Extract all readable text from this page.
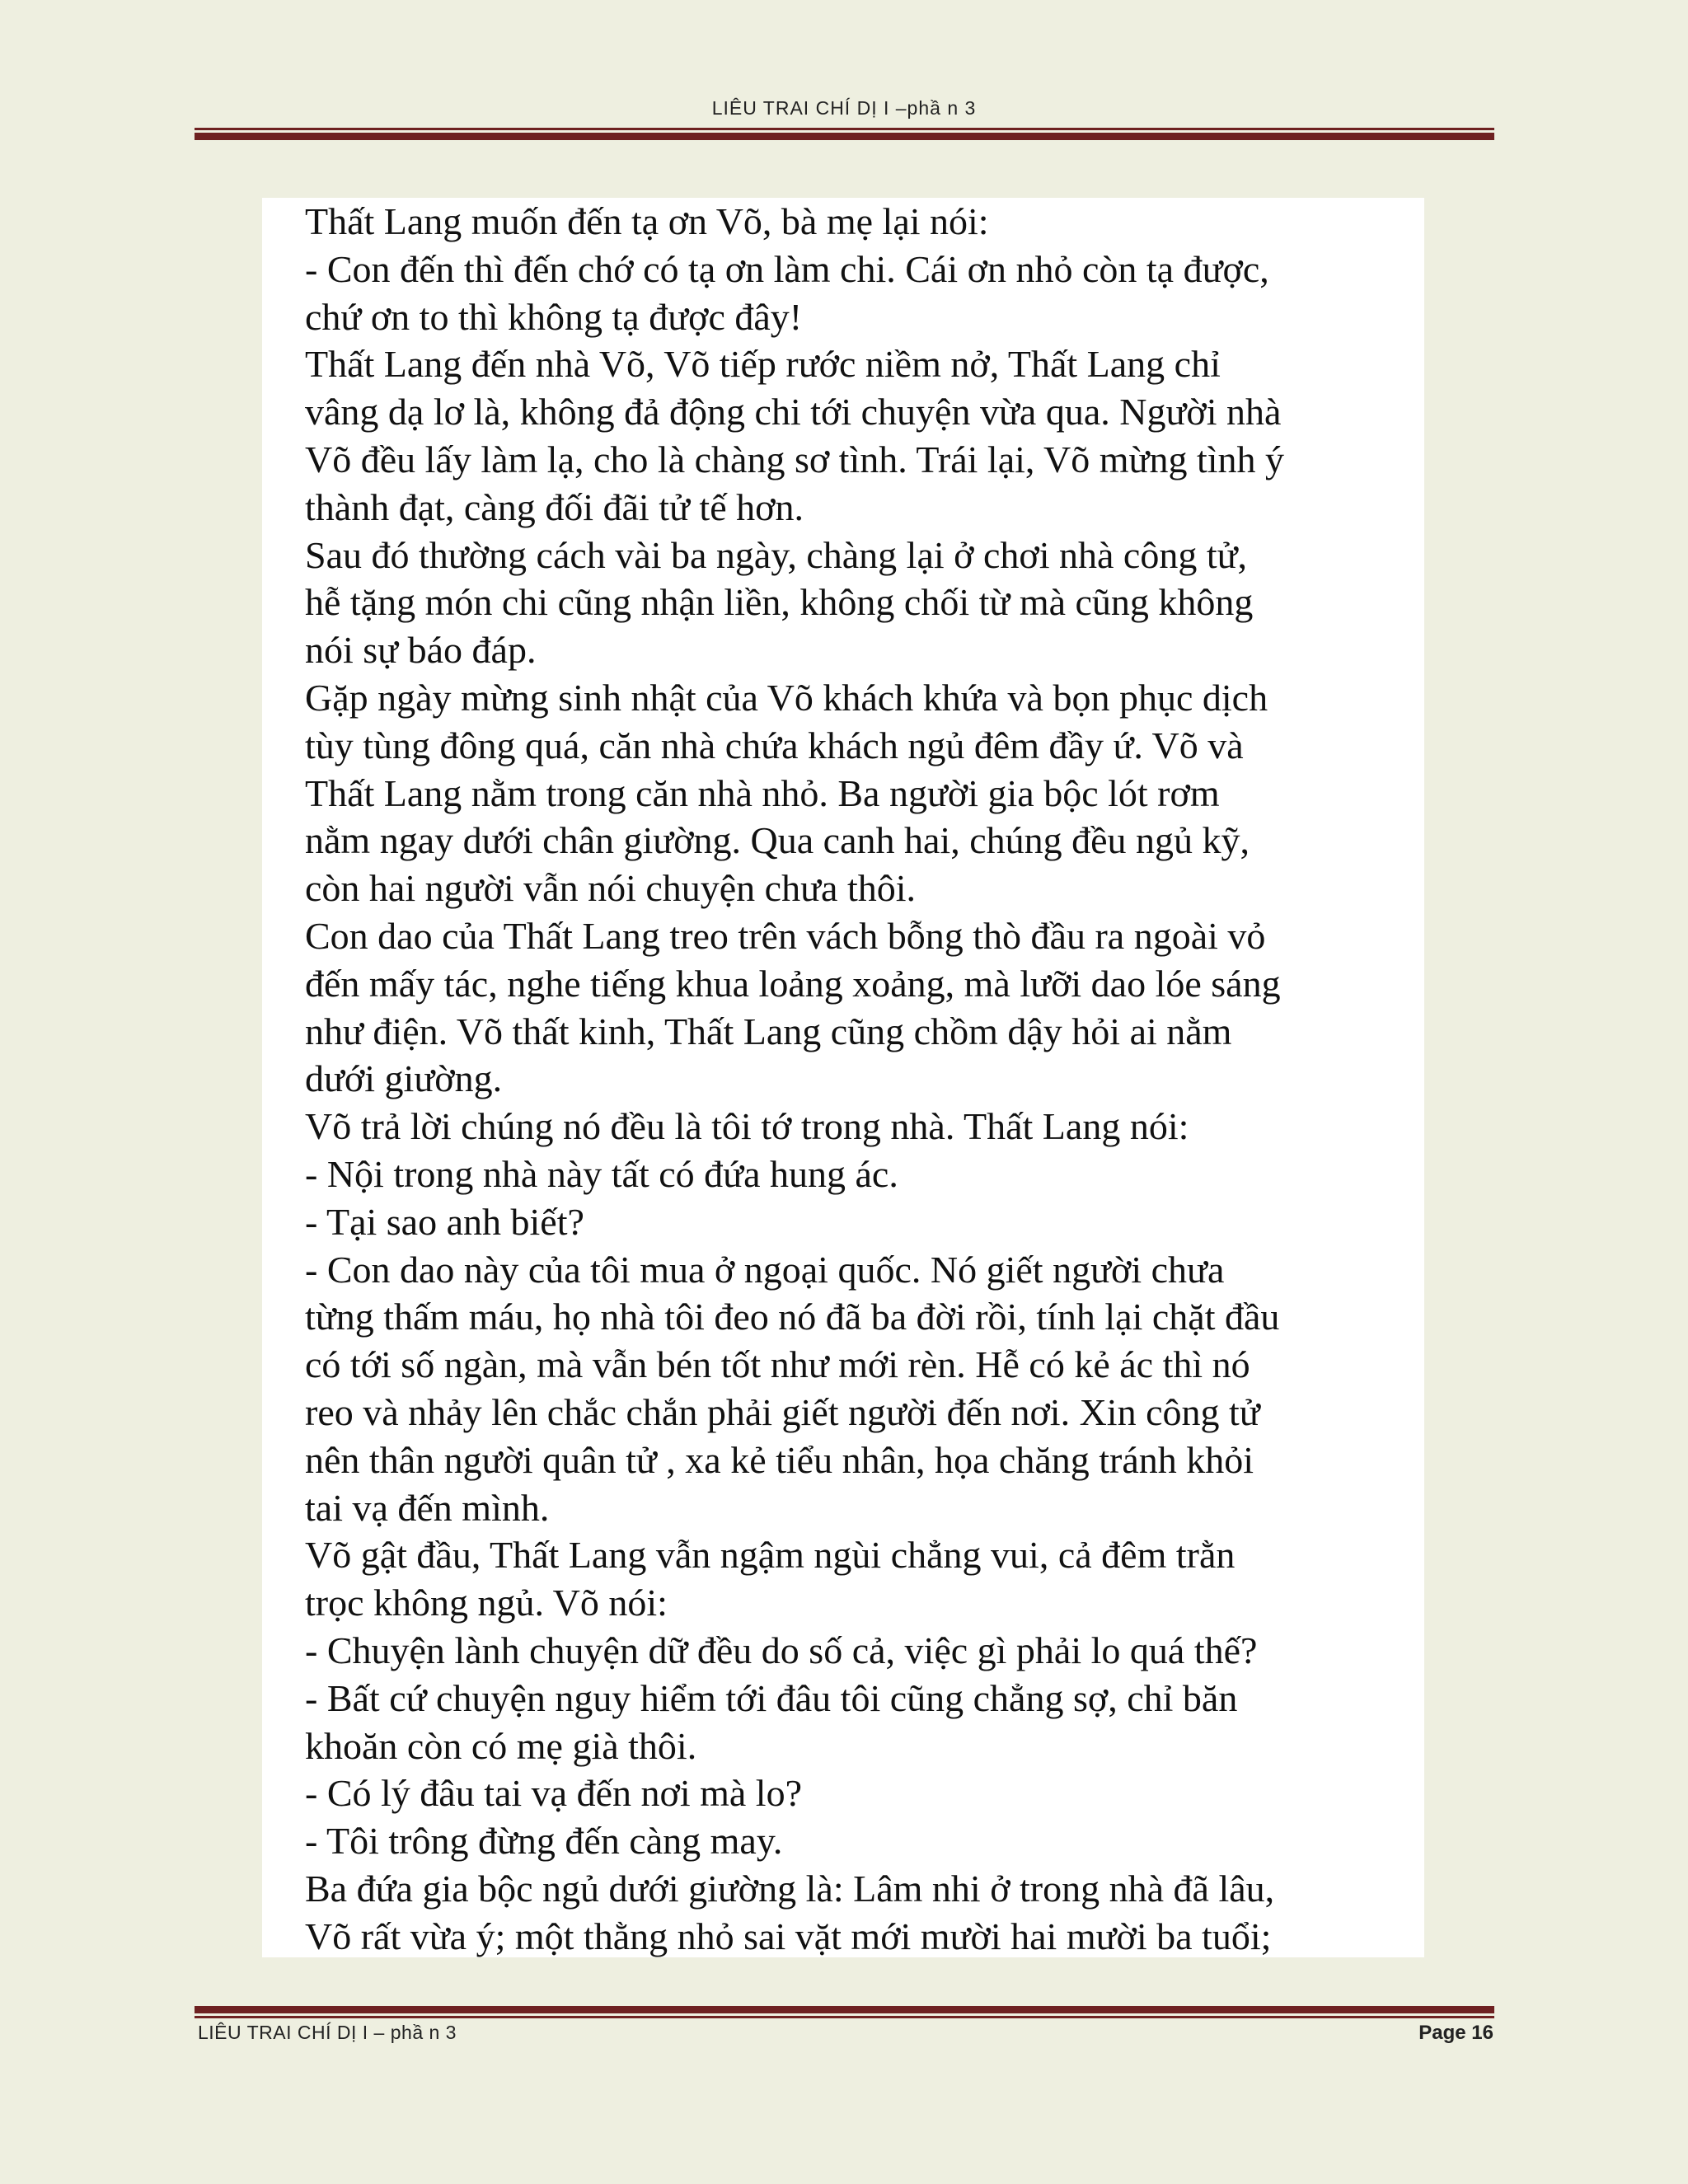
LIÊU TRAI CHÍ DỊ I –phầ n 3

Thất Lang muốn đến tạ ơn Võ, bà mẹ lại nói:

- Con đến thì đến chớ có tạ ơn làm chi. Cái ơn nhỏ còn tạ được,

chứ ơn to thì không tạ được đây!

Thất Lang đến nhà Võ, Võ tiếp rước niềm nở, Thất Lang chỉ

vâng dạ lơ là, không đả động chi tới chuyện vừa qua. Người nhà

Võ đều lấy làm lạ, cho là chàng sơ tình. Trái lại, Võ mừng tình ý

thành đạt, càng đối đãi tử tế hơn.

Sau đó thường cách vài ba ngày, chàng lại ở chơi nhà công tử,

hễ tặng món chi cũng nhận liền, không chối từ mà cũng không

nói sự báo đáp.

Gặp ngày mừng sinh nhật của Võ khách khứa và bọn phục dịch

tùy tùng đông quá, căn nhà chứa khách ngủ đêm đầy ứ. Võ và

Thất Lang nằm trong căn nhà nhỏ. Ba người gia bộc lót rơm

nằm ngay dưới chân giường. Qua canh hai, chúng đều ngủ kỹ,

còn hai người vẫn nói chuyện chưa thôi.

Con dao của Thất Lang treo trên vách bỗng thò đầu ra ngoài vỏ

đến mấy tác, nghe tiếng khua loảng xoảng, mà lưỡi dao lóe sáng

như điện. Võ thất kinh, Thất Lang cũng chồm dậy hỏi ai nằm

dưới giường.

Võ trả lời chúng nó đều là tôi tớ trong nhà. Thất Lang nói:

- Nội trong nhà này tất có đứa hung ác.

- Tại sao anh biết?

- Con dao này của tôi mua ở ngoại quốc. Nó giết người chưa

từng thấm máu, họ nhà tôi đeo nó đã ba đời rồi, tính lại chặt đầu

có tới số ngàn, mà vẫn bén tốt như mới rèn. Hễ có kẻ ác thì nó

reo và nhảy lên chắc chắn phải giết người đến nơi. Xin công tử

nên thân người quân tử , xa kẻ tiểu nhân, họa chăng tránh khỏi

tai vạ đến mình.

Võ gật đầu, Thất Lang vẫn ngậm ngùi chẳng vui, cả đêm trằn

trọc không ngủ. Võ nói:

- Chuyện lành chuyện dữ đều do số cả, việc gì phải lo quá thế?

- Bất cứ chuyện nguy hiểm tới đâu tôi cũng chẳng sợ, chỉ băn

khoăn còn có mẹ già thôi.

- Có lý đâu tai vạ đến nơi mà lo?

- Tôi trông đừng đến càng may.

Ba đứa gia bộc ngủ dưới giường là: Lâm nhi ở trong nhà đã lâu,

Võ rất vừa ý; một thằng nhỏ sai vặt mới mười hai mười ba tuổi;

LIÊU TRAI CHÍ DỊ I – phầ n 3	Page 16
